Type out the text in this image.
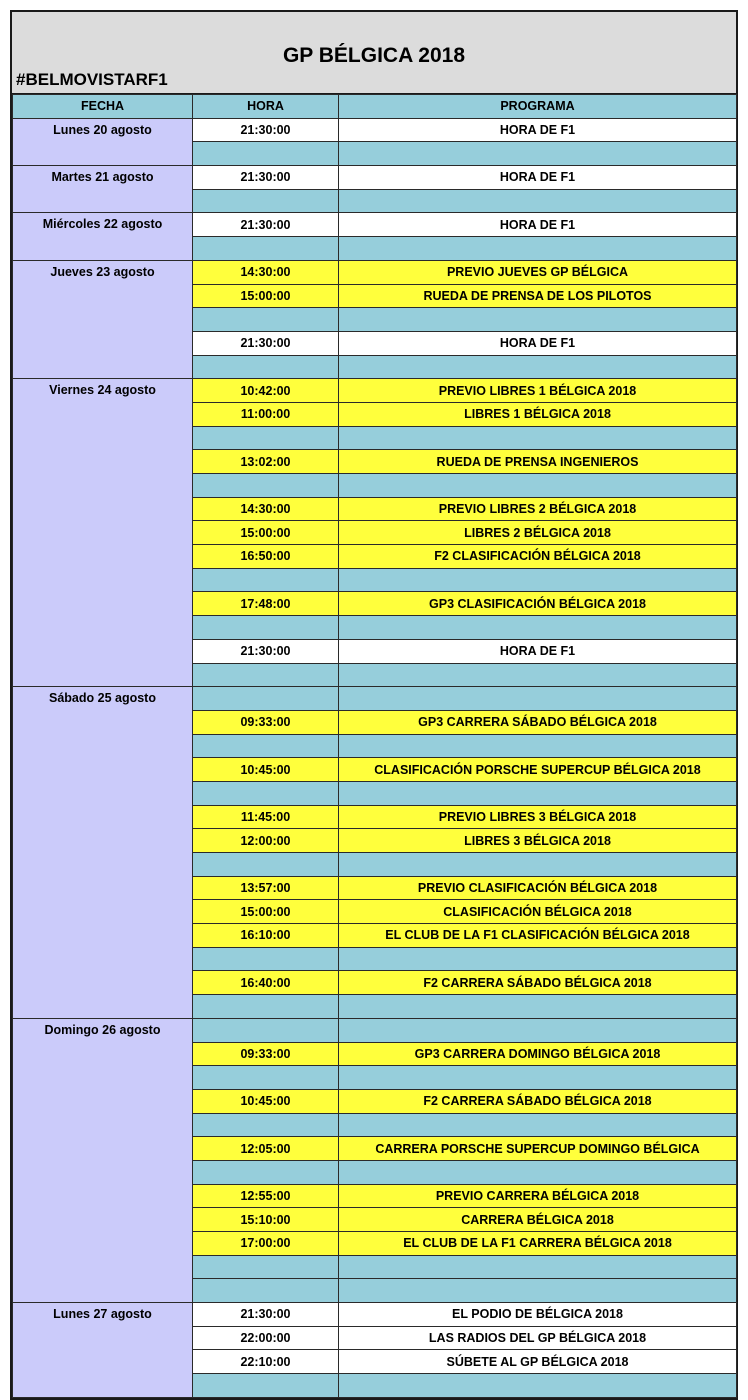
GP BÉLGICA 2018
#BELMOVISTARF1
FECHA	HORA	PROGRAMA
Lunes 20 agosto	21:30:00	HORA DE F1

Martes 21 agosto	21:30:00	HORA DE F1

Miércoles 22 agosto	21:30:00	HORA DE F1

Jueves 23 agosto	14:30:00	PREVIO JUEVES GP BÉLGICA
	15:00:00	RUEDA DE PRENSA DE LOS PILOTOS

	21:30:00	HORA DE F1

Viernes 24 agosto	10:42:00	PREVIO LIBRES 1 BÉLGICA 2018
	11:00:00	LIBRES 1 BÉLGICA 2018

	13:02:00	RUEDA DE PRENSA INGENIEROS

	14:30:00	PREVIO LIBRES 2 BÉLGICA 2018
	15:00:00	LIBRES 2 BÉLGICA 2018
	16:50:00	F2 CLASIFICACIÓN BÉLGICA 2018

	17:48:00	GP3 CLASIFICACIÓN BÉLGICA 2018

	21:30:00	HORA DE F1

Sábado 25 agosto		
	09:33:00	GP3 CARRERA SÁBADO BÉLGICA 2018

	10:45:00	CLASIFICACIÓN PORSCHE SUPERCUP BÉLGICA 2018

	11:45:00	PREVIO LIBRES 3 BÉLGICA 2018
	12:00:00	LIBRES 3 BÉLGICA 2018

	13:57:00	PREVIO CLASIFICACIÓN BÉLGICA 2018
	15:00:00	CLASIFICACIÓN BÉLGICA 2018
	16:10:00	EL CLUB DE LA F1 CLASIFICACIÓN BÉLGICA 2018

	16:40:00	F2 CARRERA SÁBADO BÉLGICA 2018

Domingo 26 agosto		
	09:33:00	GP3 CARRERA DOMINGO BÉLGICA 2018

	10:45:00	F2 CARRERA SÁBADO BÉLGICA 2018

	12:05:00	CARRERA PORSCHE SUPERCUP DOMINGO BÉLGICA

	12:55:00	PREVIO CARRERA BÉLGICA 2018
	15:10:00	CARRERA BÉLGICA 2018
	17:00:00	EL CLUB DE LA F1 CARRERA BÉLGICA 2018

Lunes 27 agosto	21:30:00	EL PODIO DE BÉLGICA 2018
	22:00:00	LAS RADIOS DEL GP BÉLGICA 2018
	22:10:00	SÚBETE AL GP BÉLGICA 2018
